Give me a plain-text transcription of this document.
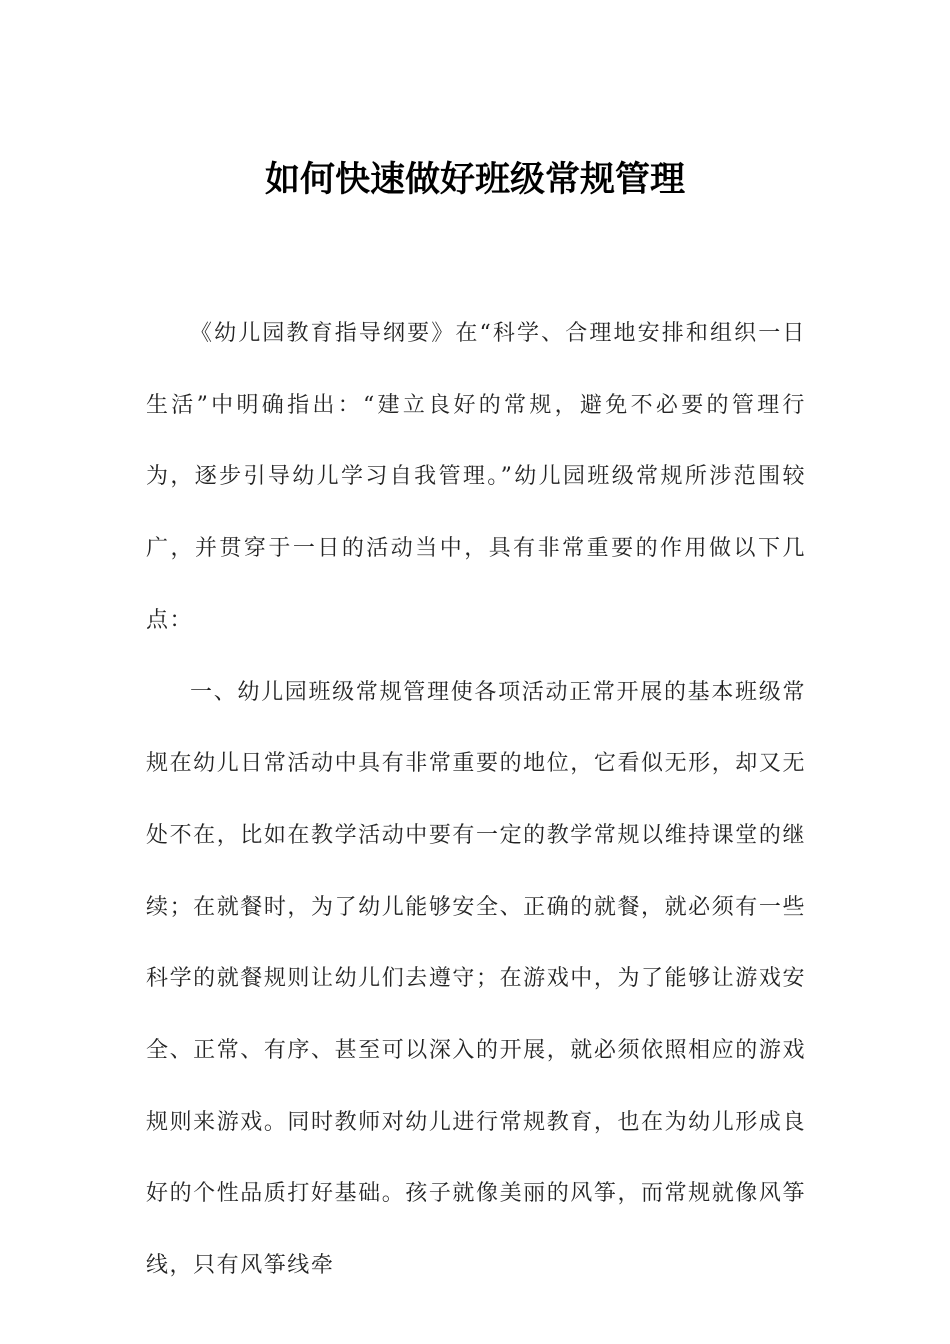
如何快速做好班级常规管理

《幼儿园教育指导纲要》在“科学、合理地安排和组织一日生活”中明确指出：“建立良好的常规，避免不必要的管理行为，逐步引导幼儿学习自我管理。”幼儿园班级常规所涉范围较广，并贯穿于一日的活动当中，具有非常重要的作用做以下几点：

一、幼儿园班级常规管理使各项活动正常开展的基本班级常规在幼儿日常活动中具有非常重要的地位，它看似无形，却又无处不在，比如在教学活动中要有一定的教学常规以维持课堂的继续；在就餐时，为了幼儿能够安全、正确的就餐，就必须有一些科学的就餐规则让幼儿们去遵守；在游戏中，为了能够让游戏安全、正常、有序、甚至可以深入的开展，就必须依照相应的游戏规则来游戏。同时教师对幼儿进行常规教育，也在为幼儿形成良好的个性品质打好基础。孩子就像美丽的风筝，而常规就像风筝线，只有风筝线牵
